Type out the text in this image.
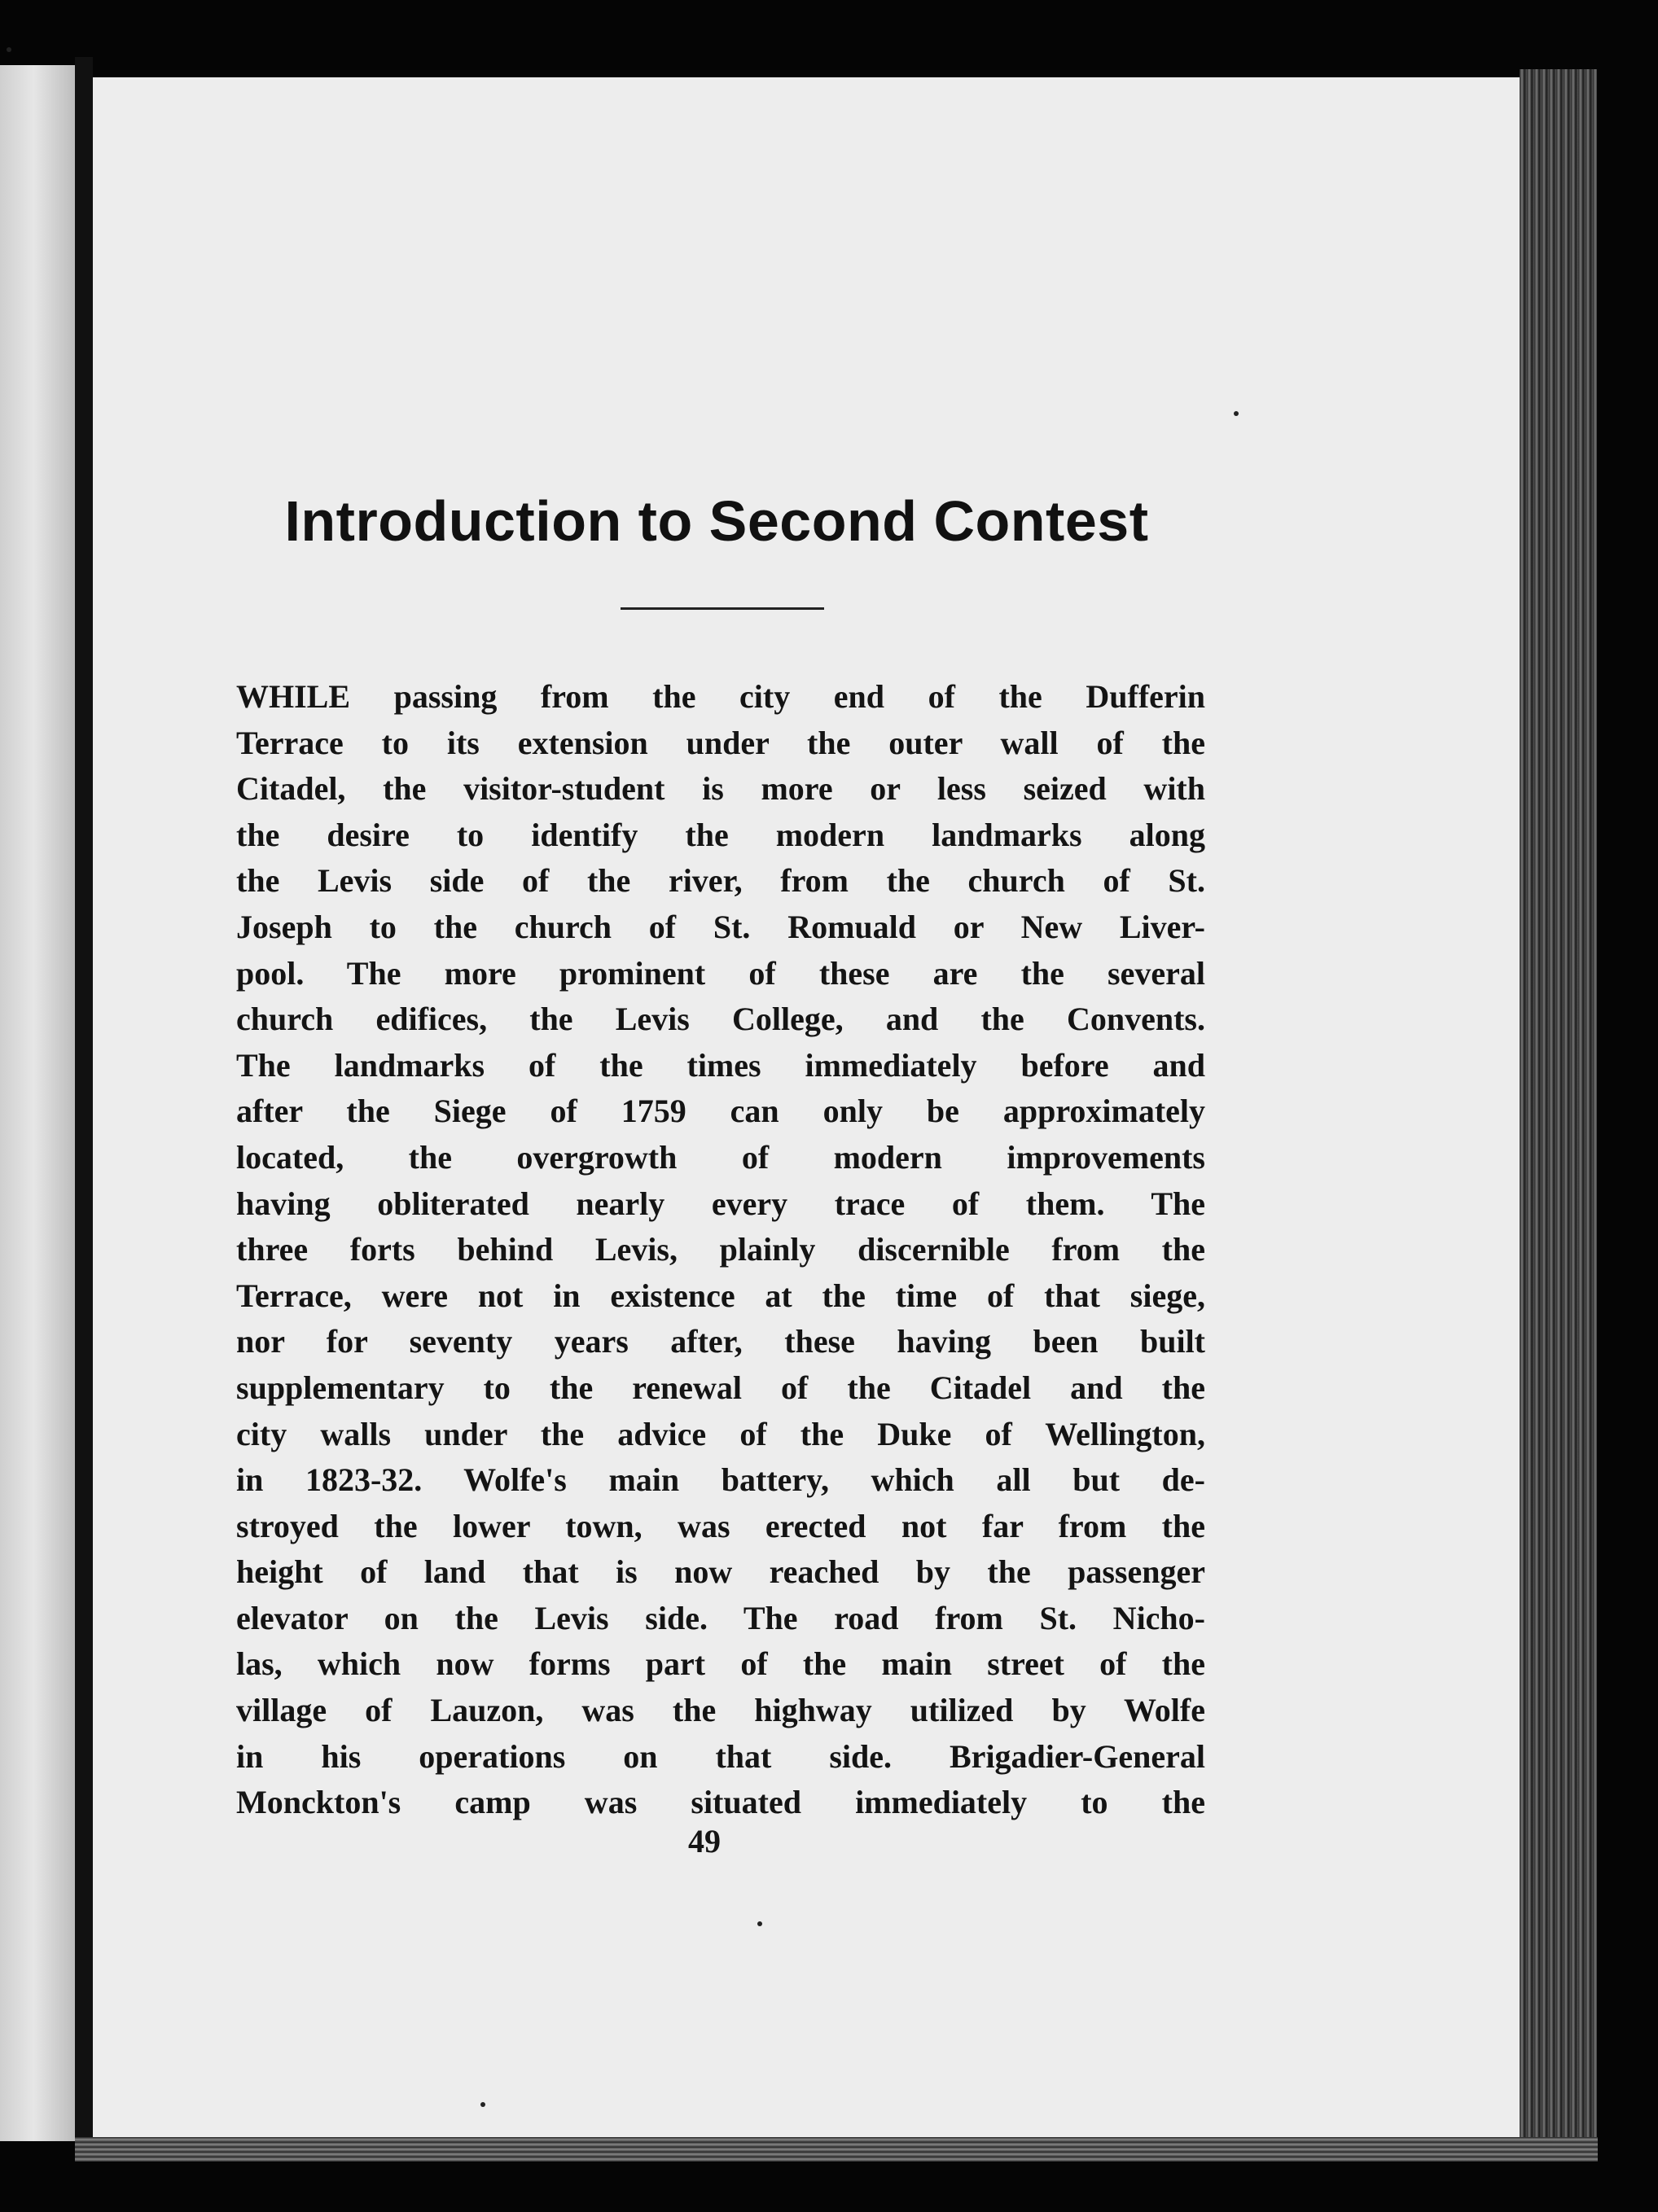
Introduction to Second Contest
WHILE passing from the city end of the Dufferin
Terrace to its extension under the outer wall of the
Citadel, the visitor-student is more or less seized with
the desire to identify the modern landmarks along
the Levis side of the river, from the church of St.
Joseph to the church of St. Romuald or New Liver-
pool. The more prominent of these are the several
church edifices, the Levis College, and the Convents.
The landmarks of the times immediately before and
after the Siege of 1759 can only be approximately
located, the overgrowth of modern improvements
having obliterated nearly every trace of them. The
three forts behind Levis, plainly discernible from the
Terrace, were not in existence at the time of that siege,
nor for seventy years after, these having been built
supplementary to the renewal of the Citadel and the
city walls under the advice of the Duke of Wellington,
in 1823-32. Wolfe's main battery, which all but de-
stroyed the lower town, was erected not far from the
height of land that is now reached by the passenger
elevator on the Levis side. The road from St. Nicho-
las, which now forms part of the main street of the
village of Lauzon, was the highway utilized by Wolfe
in his operations on that side. Brigadier-General
Monckton's camp was situated immediately to the

49
